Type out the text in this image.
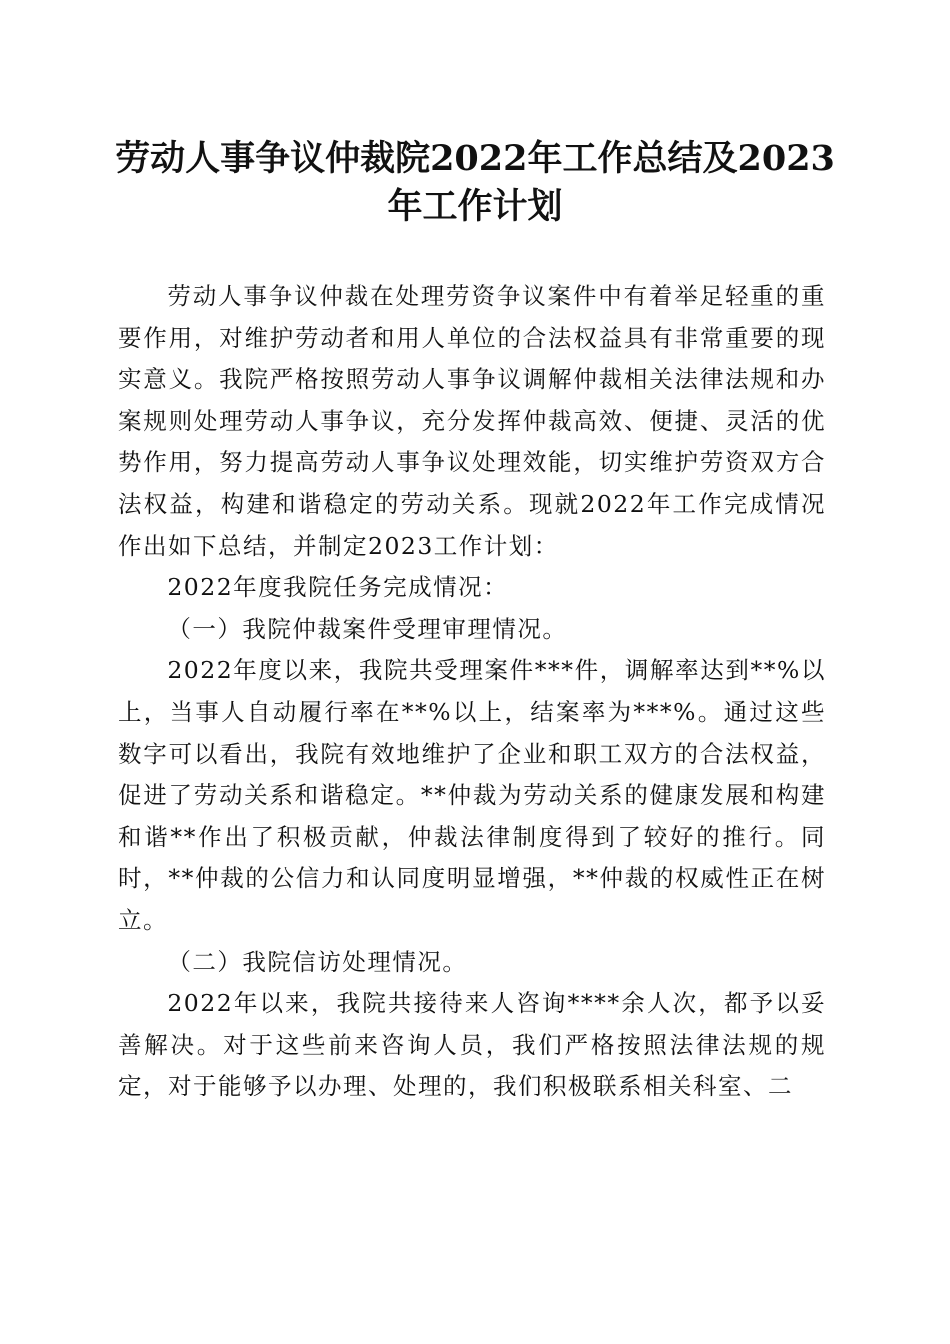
劳动人事争议仲裁院2022年工作总结及2023年工作计划

劳动人事争议仲裁在处理劳资争议案件中有着举足轻重的重要作用，对维护劳动者和用人单位的合法权益具有非常重要的现实意义。我院严格按照劳动人事争议调解仲裁相关法律法规和办案规则处理劳动人事争议，充分发挥仲裁高效、便捷、灵活的优势作用，努力提高劳动人事争议处理效能，切实维护劳资双方合法权益，构建和谐稳定的劳动关系。现就2022年工作完成情况作出如下总结，并制定2023工作计划：

2022年度我院任务完成情况：

（一）我院仲裁案件受理审理情况。

2022年度以来，我院共受理案件***件，调解率达到**%以上，当事人自动履行率在**%以上，结案率为***%。通过这些数字可以看出，我院有效地维护了企业和职工双方的合法权益，促进了劳动关系和谐稳定。**仲裁为劳动关系的健康发展和构建和谐**作出了积极贡献，仲裁法律制度得到了较好的推行。同时，**仲裁的公信力和认同度明显增强，**仲裁的权威性正在树立。

（二）我院信访处理情况。

2022年以来，我院共接待来人咨询****余人次，都予以妥善解决。对于这些前来咨询人员，我们严格按照法律法规的规定，对于能够予以办理、处理的，我们积极联系相关科室、二
